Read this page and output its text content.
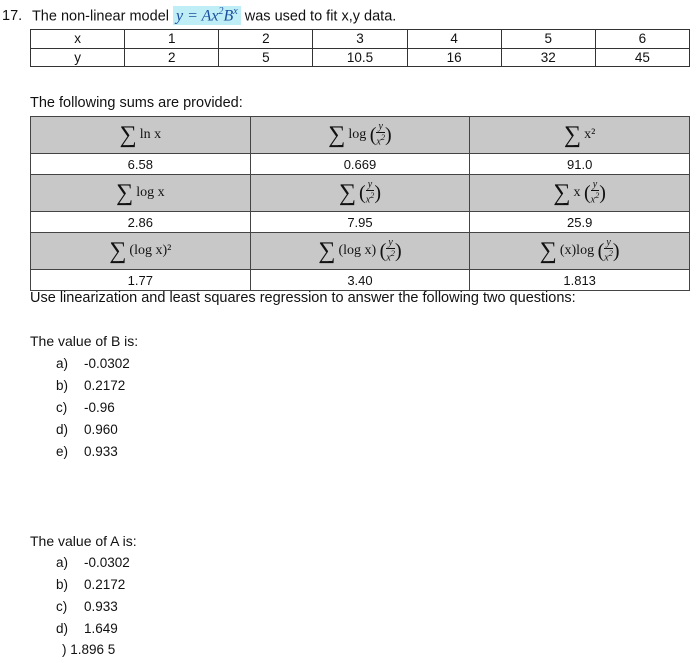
17. The non-linear model $y = Ax^2B^x$ was used to fit x,y data.
x	1	2	3	4	5	6
y	2	5	10.5	16	32	45
The following sums are provided:
∑ ln x	∑ log ( $\frac{y}{x^2}$ )	∑ x²
6.58	0.669	91.0
∑ log x	∑ ( $\frac{y}{x^2}$ )	∑ x ( $\frac{y}{x^2}$ )
2.86	7.95	25.9
∑ (log x)²	∑ (log x) ( $\frac{y}{x^2}$ )	∑ (x)log ( $\frac{y}{x^2}$ )
1.77	3.40	1.813
Use linearization and least squares regression to answer the following two questions:
The value of B is:
a) -0.0302
b) 0.2172
c) -0.96
d) 0.960
e) 0.933
The value of A is:
a) -0.0302
b) 0.2172
c) 0.933
d) 1.649
) 1.896 5
